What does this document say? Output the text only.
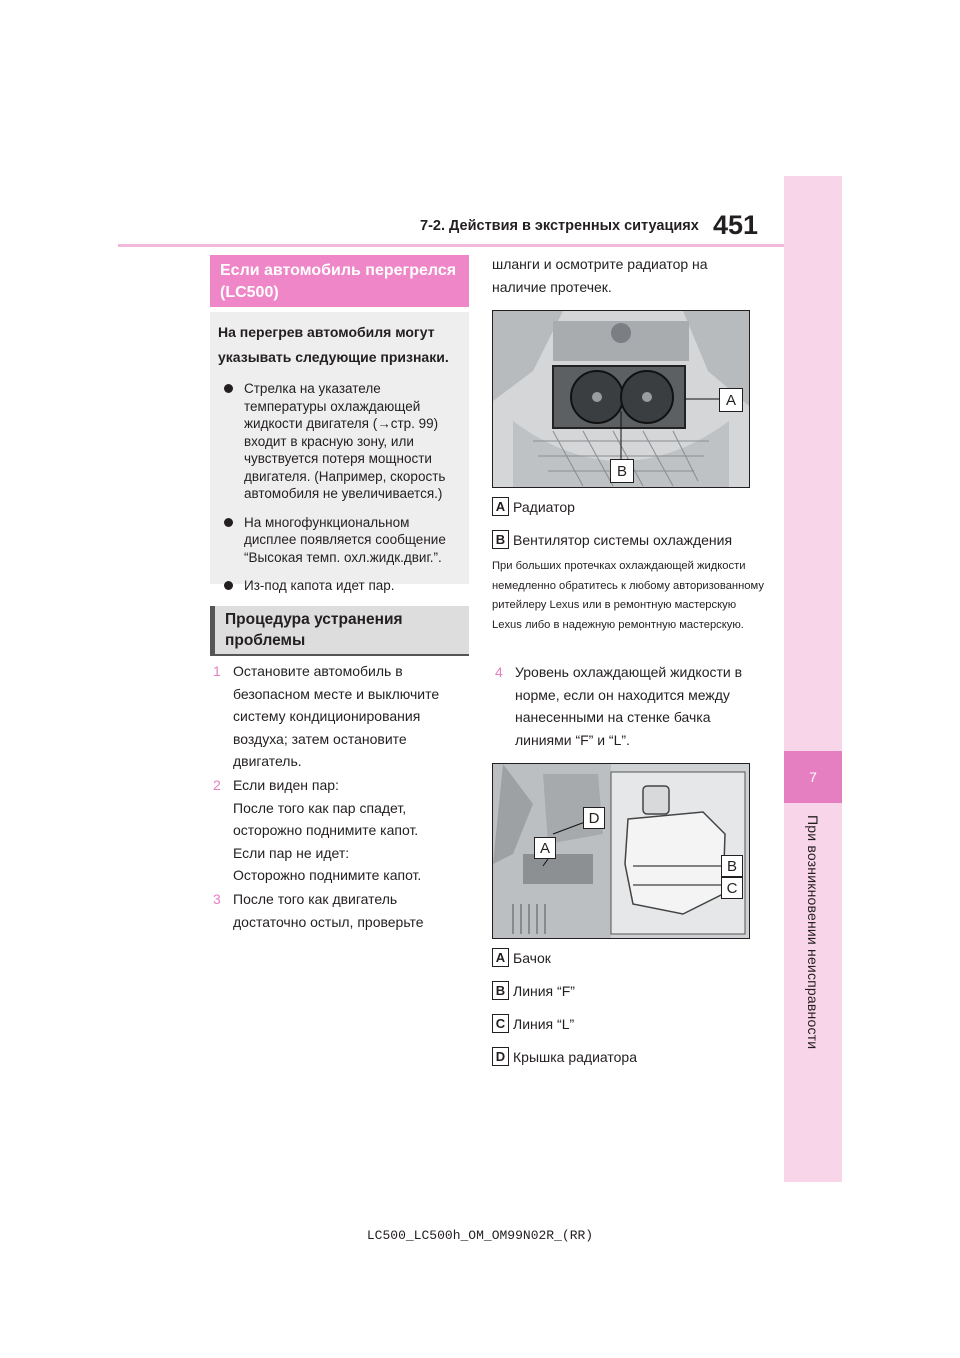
7-2. Действия в экстренных ситуациях 451
7
При возникновении неисправности
Если автомобиль перегрелся (LC500)

На перегрев автомобиля могут указывать следующие признаки.

Стрелка на указателе температуры охлаждающей жидкости двигателя (→стр. 99) входит в красную зону, или чувствуется потеря мощности двигателя. (Например, скорость автомобиля не увеличивается.)
На многофункциональном дисплее появляется сообщение “Высокая темп. охл.жидк.двиг.”.
Из-под капота идет пар.
Процедура устранения проблемы
1 Остановите автомобиль в безопасном месте и выключите систему кондиционирования воздуха; затем остановите двигатель.
2 Если виден пар:
После того как пар спадет, осторожно поднимите капот.
Если пар не идет:
Осторожно поднимите капот.
3 После того как двигатель достаточно остыл, проверьте
шланги и осмотрите радиатор на наличие протечек.
A
B
A Радиатор
B Вентилятор системы охлаждения
При больших протечках охлаждающей жидкости немедленно обратитесь к любому авторизованному ритейлеру Lexus или в ремонтную мастерскую Lexus либо в надежную ремонтную мастерскую.
4 Уровень охлаждающей жидкости в норме, если он находится между нанесенными на стенке бачка линиями “F” и “L”.
D
A
B
C
A Бачок
B Линия “F”
C Линия “L”
D Крышка радиатора
LC500_LC500h_OM_OM99N02R_(RR)
